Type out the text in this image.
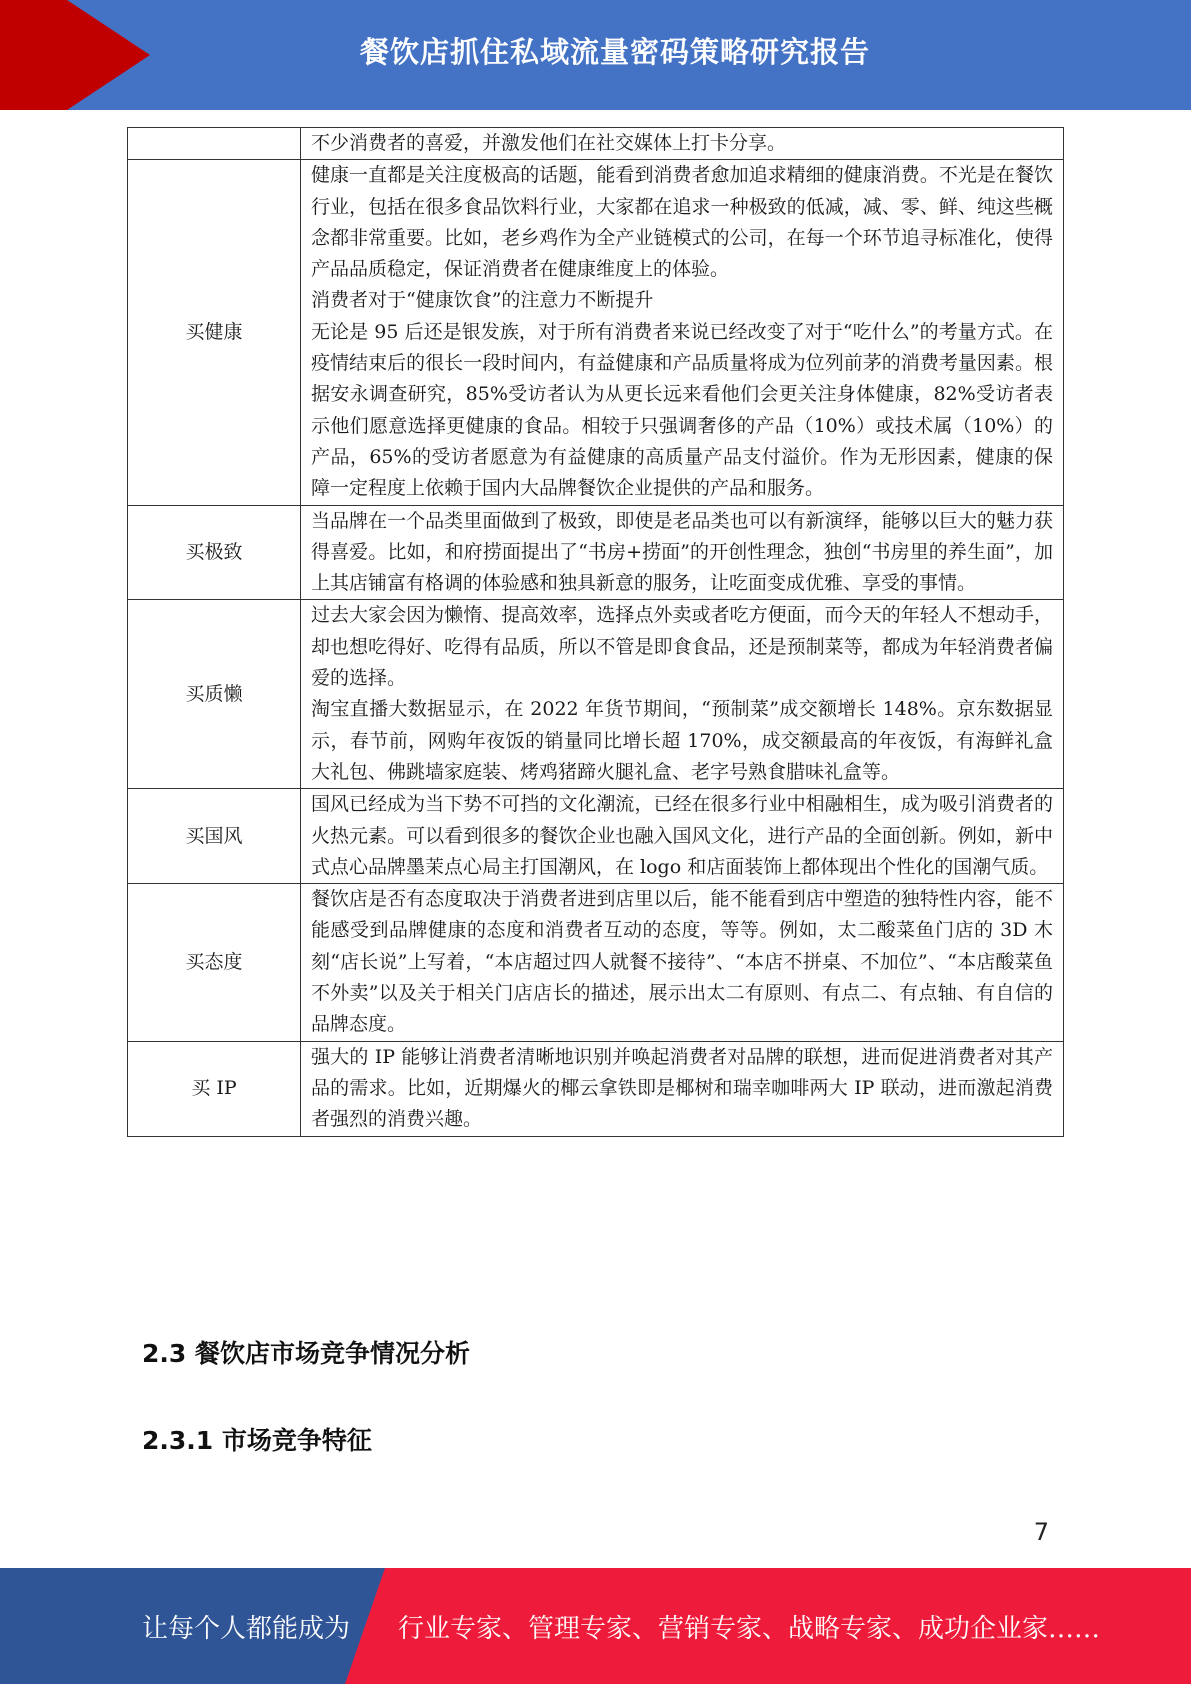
餐饮店抓住私域流量密码策略研究报告

	不少消费者的喜爱，并激发他们在社交媒体上打卡分享。

买健康	健康一直都是关注度极高的话题，能看到消费者愈加追求精细的健康消费。不光是在餐饮行业，包括在很多食品饮料行业，大家都在追求一种极致的低减，减、零、鲜、纯这些概念都非常重要。比如，老乡鸡作为全产业链模式的公司，在每一个环节追寻标准化，使得产品品质稳定，保证消费者在健康维度上的体验。

消费者对于“健康饮食”的注意力不断提升

无论是 95 后还是银发族，对于所有消费者来说已经改变了对于“吃什么”的考量方式。在疫情结束后的很长一段时间内，有益健康和产品质量将成为位列前茅的消费考量因素。根据安永调查研究，85%受访者认为从更长远来看他们会更关注身体健康，82%受访者表示他们愿意选择更健康的食品。相较于只强调奢侈的产品（10%）或技术属（10%）的产品，65%的受访者愿意为有益健康的高质量产品支付溢价。作为无形因素，健康的保障一定程度上依赖于国内大品牌餐饮企业提供的产品和服务。

买极致	当品牌在一个品类里面做到了极致，即使是老品类也可以有新演绎，能够以巨大的魅力获得喜爱。比如，和府捞面提出了“书房+捞面”的开创性理念，独创“书房里的养生面”，加上其店铺富有格调的体验感和独具新意的服务，让吃面变成优雅、享受的事情。

买质懒	过去大家会因为懒惰、提高效率，选择点外卖或者吃方便面，而今天的年轻人不想动手，却也想吃得好、吃得有品质，所以不管是即食食品，还是预制菜等，都成为年轻消费者偏爱的选择。

淘宝直播大数据显示，在 2022 年货节期间，“预制菜”成交额增长 148%。京东数据显示，春节前，网购年夜饭的销量同比增长超 170%，成交额最高的年夜饭，有海鲜礼盒大礼包、佛跳墙家庭装、烤鸡猪蹄火腿礼盒、老字号熟食腊味礼盒等。

买国风	国风已经成为当下势不可挡的文化潮流，已经在很多行业中相融相生，成为吸引消费者的火热元素。可以看到很多的餐饮企业也融入国风文化，进行产品的全面创新。例如，新中式点心品牌墨茉点心局主打国潮风，在 logo 和店面装饰上都体现出个性化的国潮气质。

买态度	餐饮店是否有态度取决于消费者进到店里以后，能不能看到店中塑造的独特性内容，能不能感受到品牌健康的态度和消费者互动的态度，等等。例如，太二酸菜鱼门店的 3D 木刻“店长说”上写着，“本店超过四人就餐不接待”、“本店不拼桌、不加位”、“本店酸菜鱼不外卖”以及关于相关门店店长的描述，展示出太二有原则、有点二、有点轴、有自信的品牌态度。

买 IP	强大的 IP 能够让消费者清晰地识别并唤起消费者对品牌的联想，进而促进消费者对其产品的需求。比如，近期爆火的椰云拿铁即是椰树和瑞幸咖啡两大 IP 联动，进而激起消费者强烈的消费兴趣。

2.3 餐饮店市场竞争情况分析
2.3.1 市场竞争特征
7
让每个人都能成为 行业专家、管理专家、营销专家、战略专家、成功企业家……
